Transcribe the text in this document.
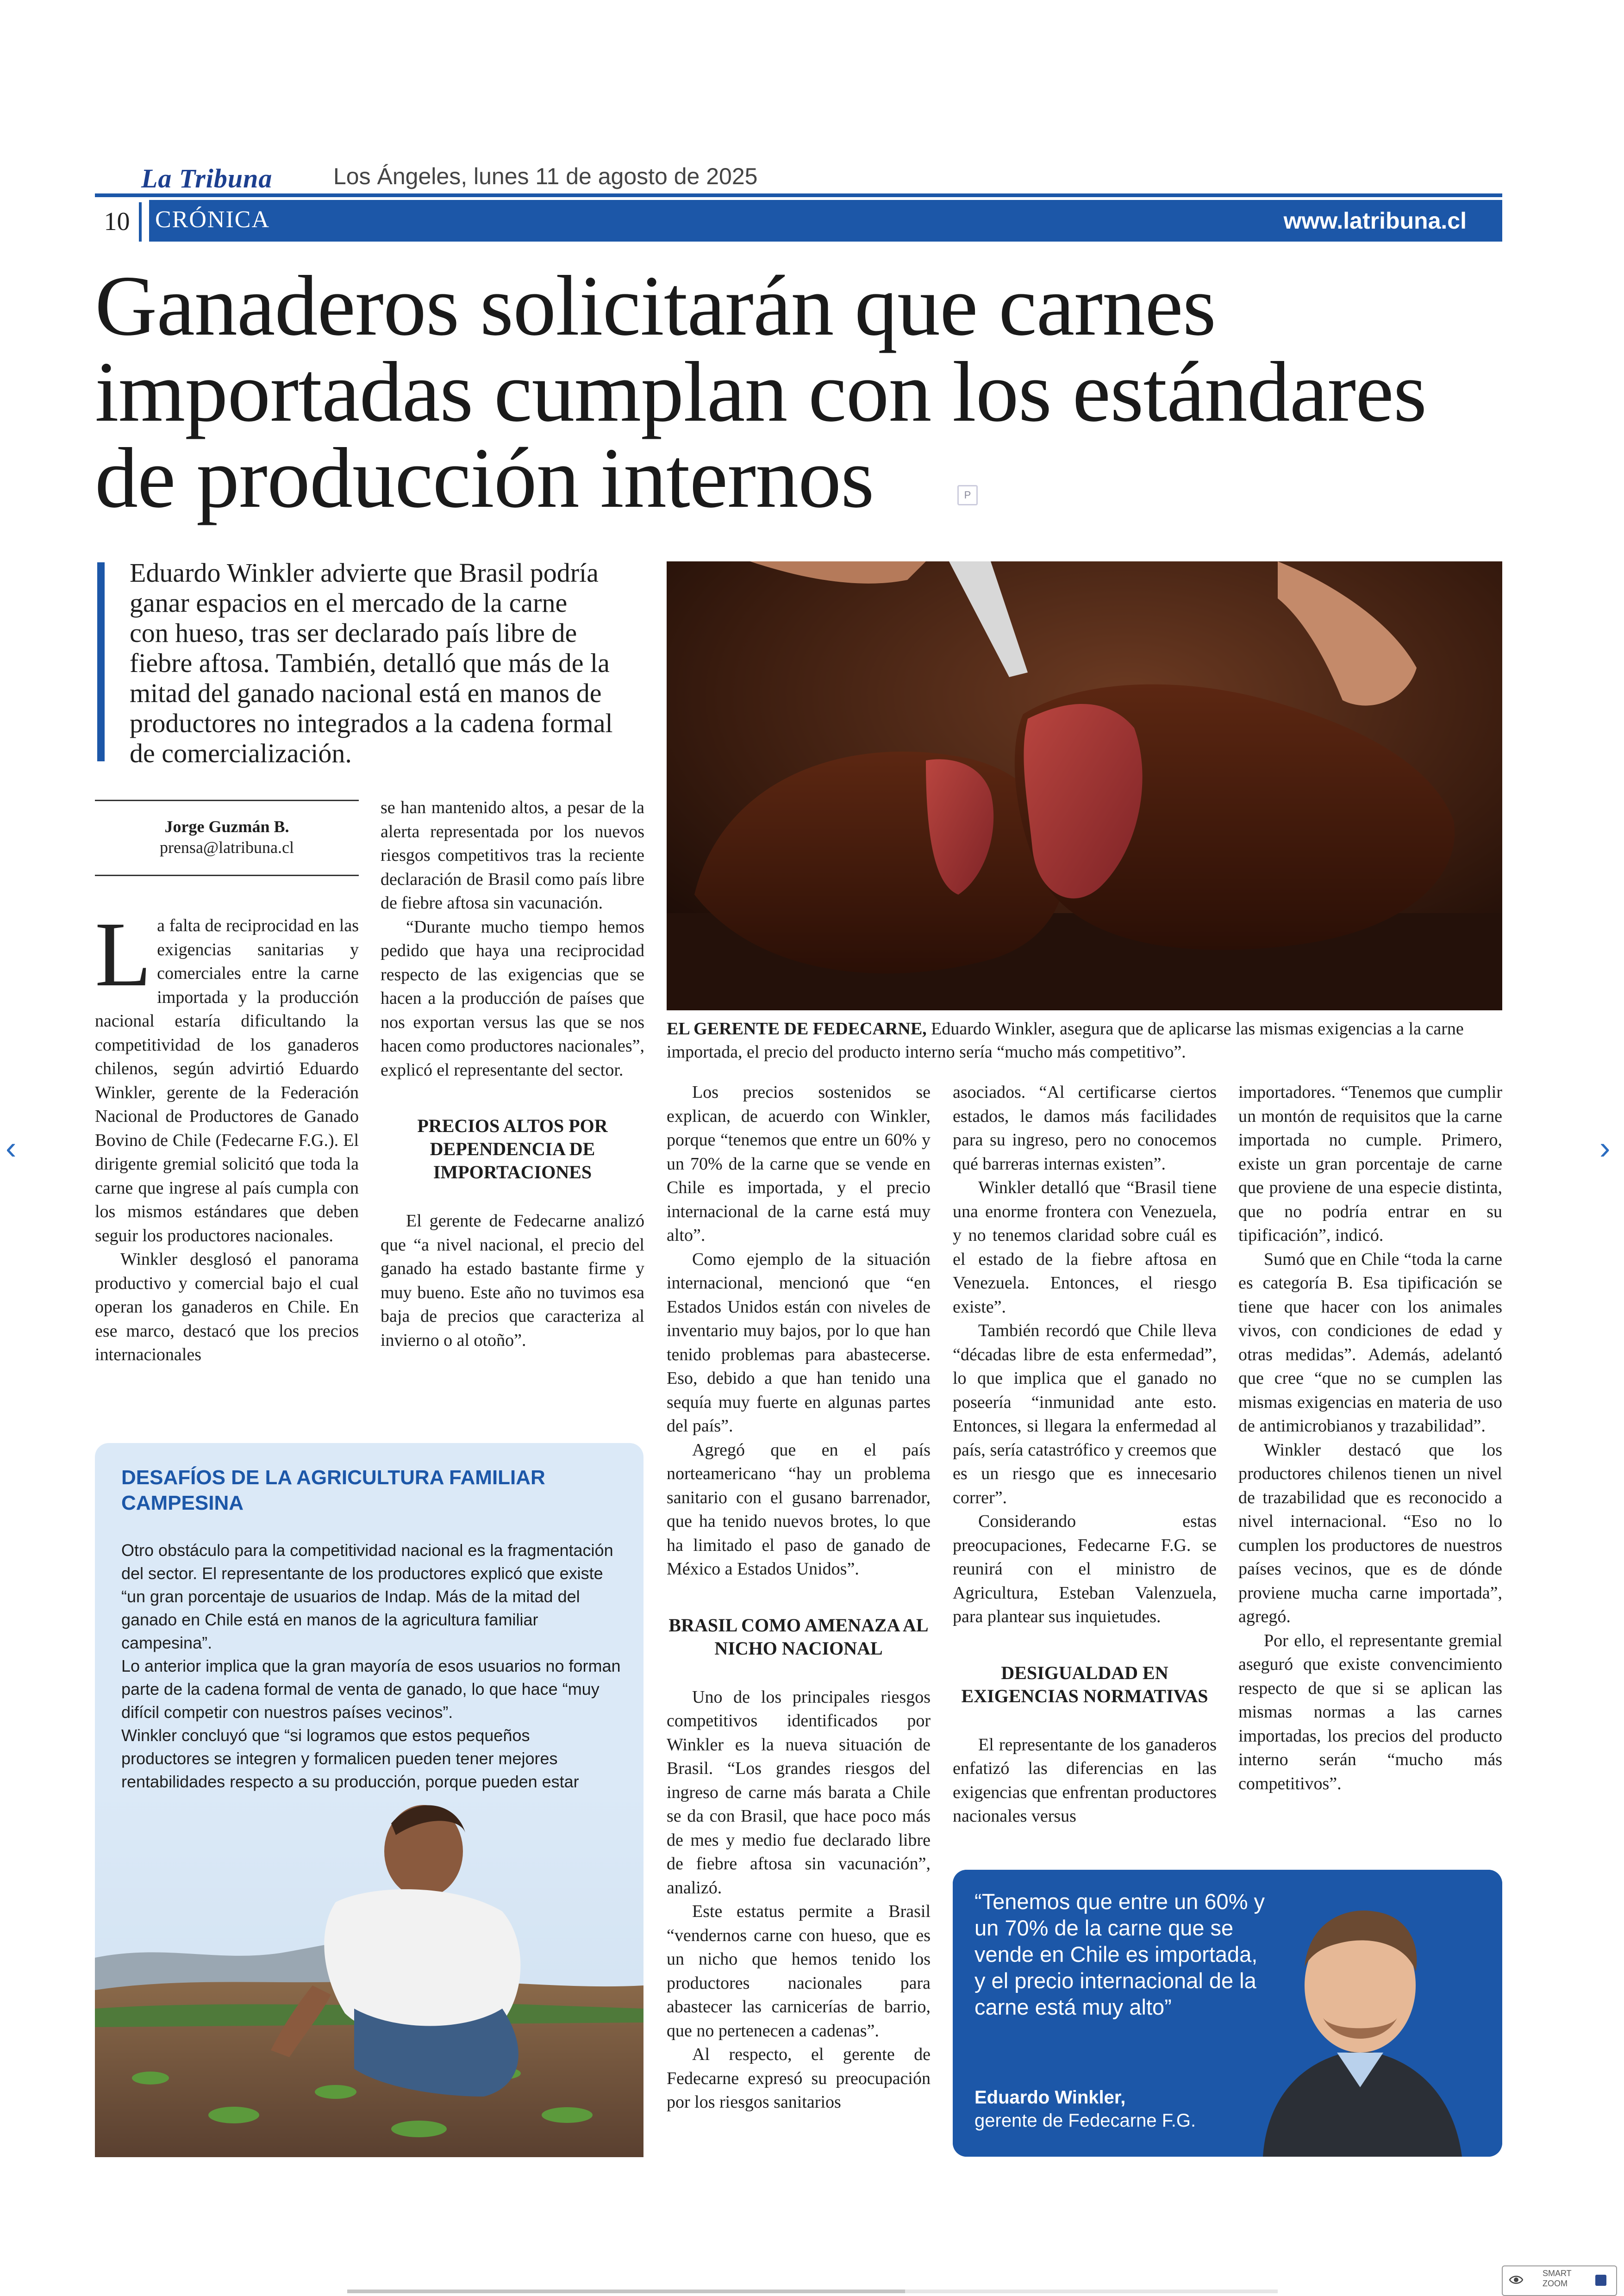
La Tribuna	Los Ángeles, lunes 11 de agosto de 2025
10	CRÓNICA	www.latribuna.cl
Ganaderos solicitarán que carnes
importadas cumplan con los estándares
de producción internos	P
Eduardo Winkler advierte que Brasil podría
ganar espacios en el mercado de la carne
con hueso, tras ser declarado país libre de
fiebre aftosa. También, detalló que más de la
mitad del ganado nacional está en manos de
productores no integrados a la cadena formal
de comercialización.
Jorge Guzmán B.
prensa@latribuna.cl

La falta de reciprocidad en las exigencias sanitarias y comerciales entre la carne importada y la producción nacional estaría dificultando la competitividad de los ganaderos chilenos, según advirtió Eduardo Winkler, gerente de la Federación Nacional de Productores de Ganado Bovino de Chile (Fedecarne F.G.). El dirigente gremial solicitó que toda la carne que ingrese al país cumpla con los mismos estándares que deben seguir los productores nacionales.

Winkler desglosó el panorama productivo y comercial bajo el cual operan los ganaderos en Chile. En ese marco, destacó que los precios internacionales

se han mantenido altos, a pesar de la alerta representada por los nuevos riesgos competitivos tras la reciente declaración de Brasil como país libre de fiebre aftosa sin vacunación.

“Durante mucho tiempo hemos pedido que haya una reciprocidad respecto de las exigencias que se hacen a la producción de países que nos exportan versus las que se nos hacen como productores nacionales”, explicó el representante del sector.

PRECIOS ALTOS POR DEPENDENCIA DE IMPORTACIONES

El gerente de Fedecarne analizó que “a nivel nacional, el precio del ganado ha estado bastante firme y muy bueno. Este año no tuvimos esa baja de precios que caracteriza al invierno o al otoño”.

EL GERENTE DE FEDECARNE, Eduardo Winkler, asegura que de aplicarse las mismas exigencias a la carne importada, el precio del producto interno sería “mucho más competitivo”.

Los precios sostenidos se explican, de acuerdo con Winkler, porque “tenemos que entre un 60% y un 70% de la carne que se vende en Chile es importada, y el precio internacional de la carne está muy alto”.

Como ejemplo de la situación internacional, mencionó que “en Estados Unidos están con niveles de inventario muy bajos, por lo que han tenido problemas para abastecerse. Eso, debido a que han tenido una sequía muy fuerte en algunas partes del país”.

Agregó que en el país norteamericano “hay un problema sanitario con el gusano barrenador, que ha tenido nuevos brotes, lo que ha limitado el paso de ganado de México a Estados Unidos”.

BRASIL COMO AMENAZA AL NICHO NACIONAL

Uno de los principales riesgos competitivos identificados por Winkler es la nueva situación de Brasil. “Los grandes riesgos del ingreso de carne más barata a Chile se da con Brasil, que hace poco más de mes y medio fue declarado libre de fiebre aftosa sin vacunación”, analizó.

Este estatus permite a Brasil “vendernos carne con hueso, que es un nicho que hemos tenido los productores nacionales para abastecer las carnicerías de barrio, que no pertenecen a cadenas”.

Al respecto, el gerente de Fedecarne expresó su preocupación por los riesgos sanitarios

asociados. “Al certificarse ciertos estados, le damos más facilidades para su ingreso, pero no conocemos qué barreras internas existen”.

Winkler detalló que “Brasil tiene una enorme frontera con Venezuela, y no tenemos claridad sobre cuál es el estado de la fiebre aftosa en Venezuela. Entonces, el riesgo existe”.

También recordó que Chile lleva “décadas libre de esta enfermedad”, lo que implica que el ganado no poseería “inmunidad ante esto. Entonces, si llegara la enfermedad al país, sería catastrófico y creemos que es un riesgo que es innecesario correr”.

Considerando estas preocupaciones, Fedecarne F.G. se reunirá con el ministro de Agricultura, Esteban Valenzuela, para plantear sus inquietudes.

DESIGUALDAD EN EXIGENCIAS NORMATIVAS

El representante de los ganaderos enfatizó las diferencias en las exigencias que enfrentan productores nacionales versus

importadores. “Tenemos que cumplir un montón de requisitos que la carne importada no cumple. Primero, existe un gran porcentaje de carne que proviene de una especie distinta, que no podría entrar en su tipificación”, indicó.

Sumó que en Chile “toda la carne es categoría B. Esa tipificación se tiene que hacer con los animales vivos, con condiciones de edad y otras medidas”. Además, adelantó que cree “que no se cumplen las mismas exigencias en materia de uso de antimicrobianos y trazabilidad”.

Winkler destacó que los productores chilenos tienen un nivel de trazabilidad que es reconocido a nivel internacional. “Eso no lo cumplen los productores de nuestros países vecinos, que es de dónde proviene mucha carne importada”, agregó.

Por ello, el representante gremial aseguró que existe convencimiento respecto de que si se aplican las mismas normas a las carnes importadas, los precios del producto interno serán “mucho más competitivos”.

DESAFÍOS DE LA AGRICULTURA FAMILIAR CAMPESINA

Otro obstáculo para la competitividad nacional es la fragmentación del sector. El representante de los productores explicó que existe “un gran porcentaje de usuarios de Indap. Más de la mitad del ganado en Chile está en manos de la agricultura familiar campesina”.

Lo anterior implica que la gran mayoría de esos usuarios no forman parte de la cadena formal de venta de ganado, lo que hace “muy difícil competir con nuestros países vecinos”.

Winkler concluyó que “si logramos que estos pequeños productores se integren y formalicen pueden tener mejores rentabilidades respecto a su producción, porque pueden estar

“Tenemos que entre un 60% y un 70% de la carne que se vende en Chile es importada, y el precio internacional de la carne está muy alto”
Eduardo Winkler,
gerente de Fedecarne F.G.
‹	›
SMART
ZOOM
